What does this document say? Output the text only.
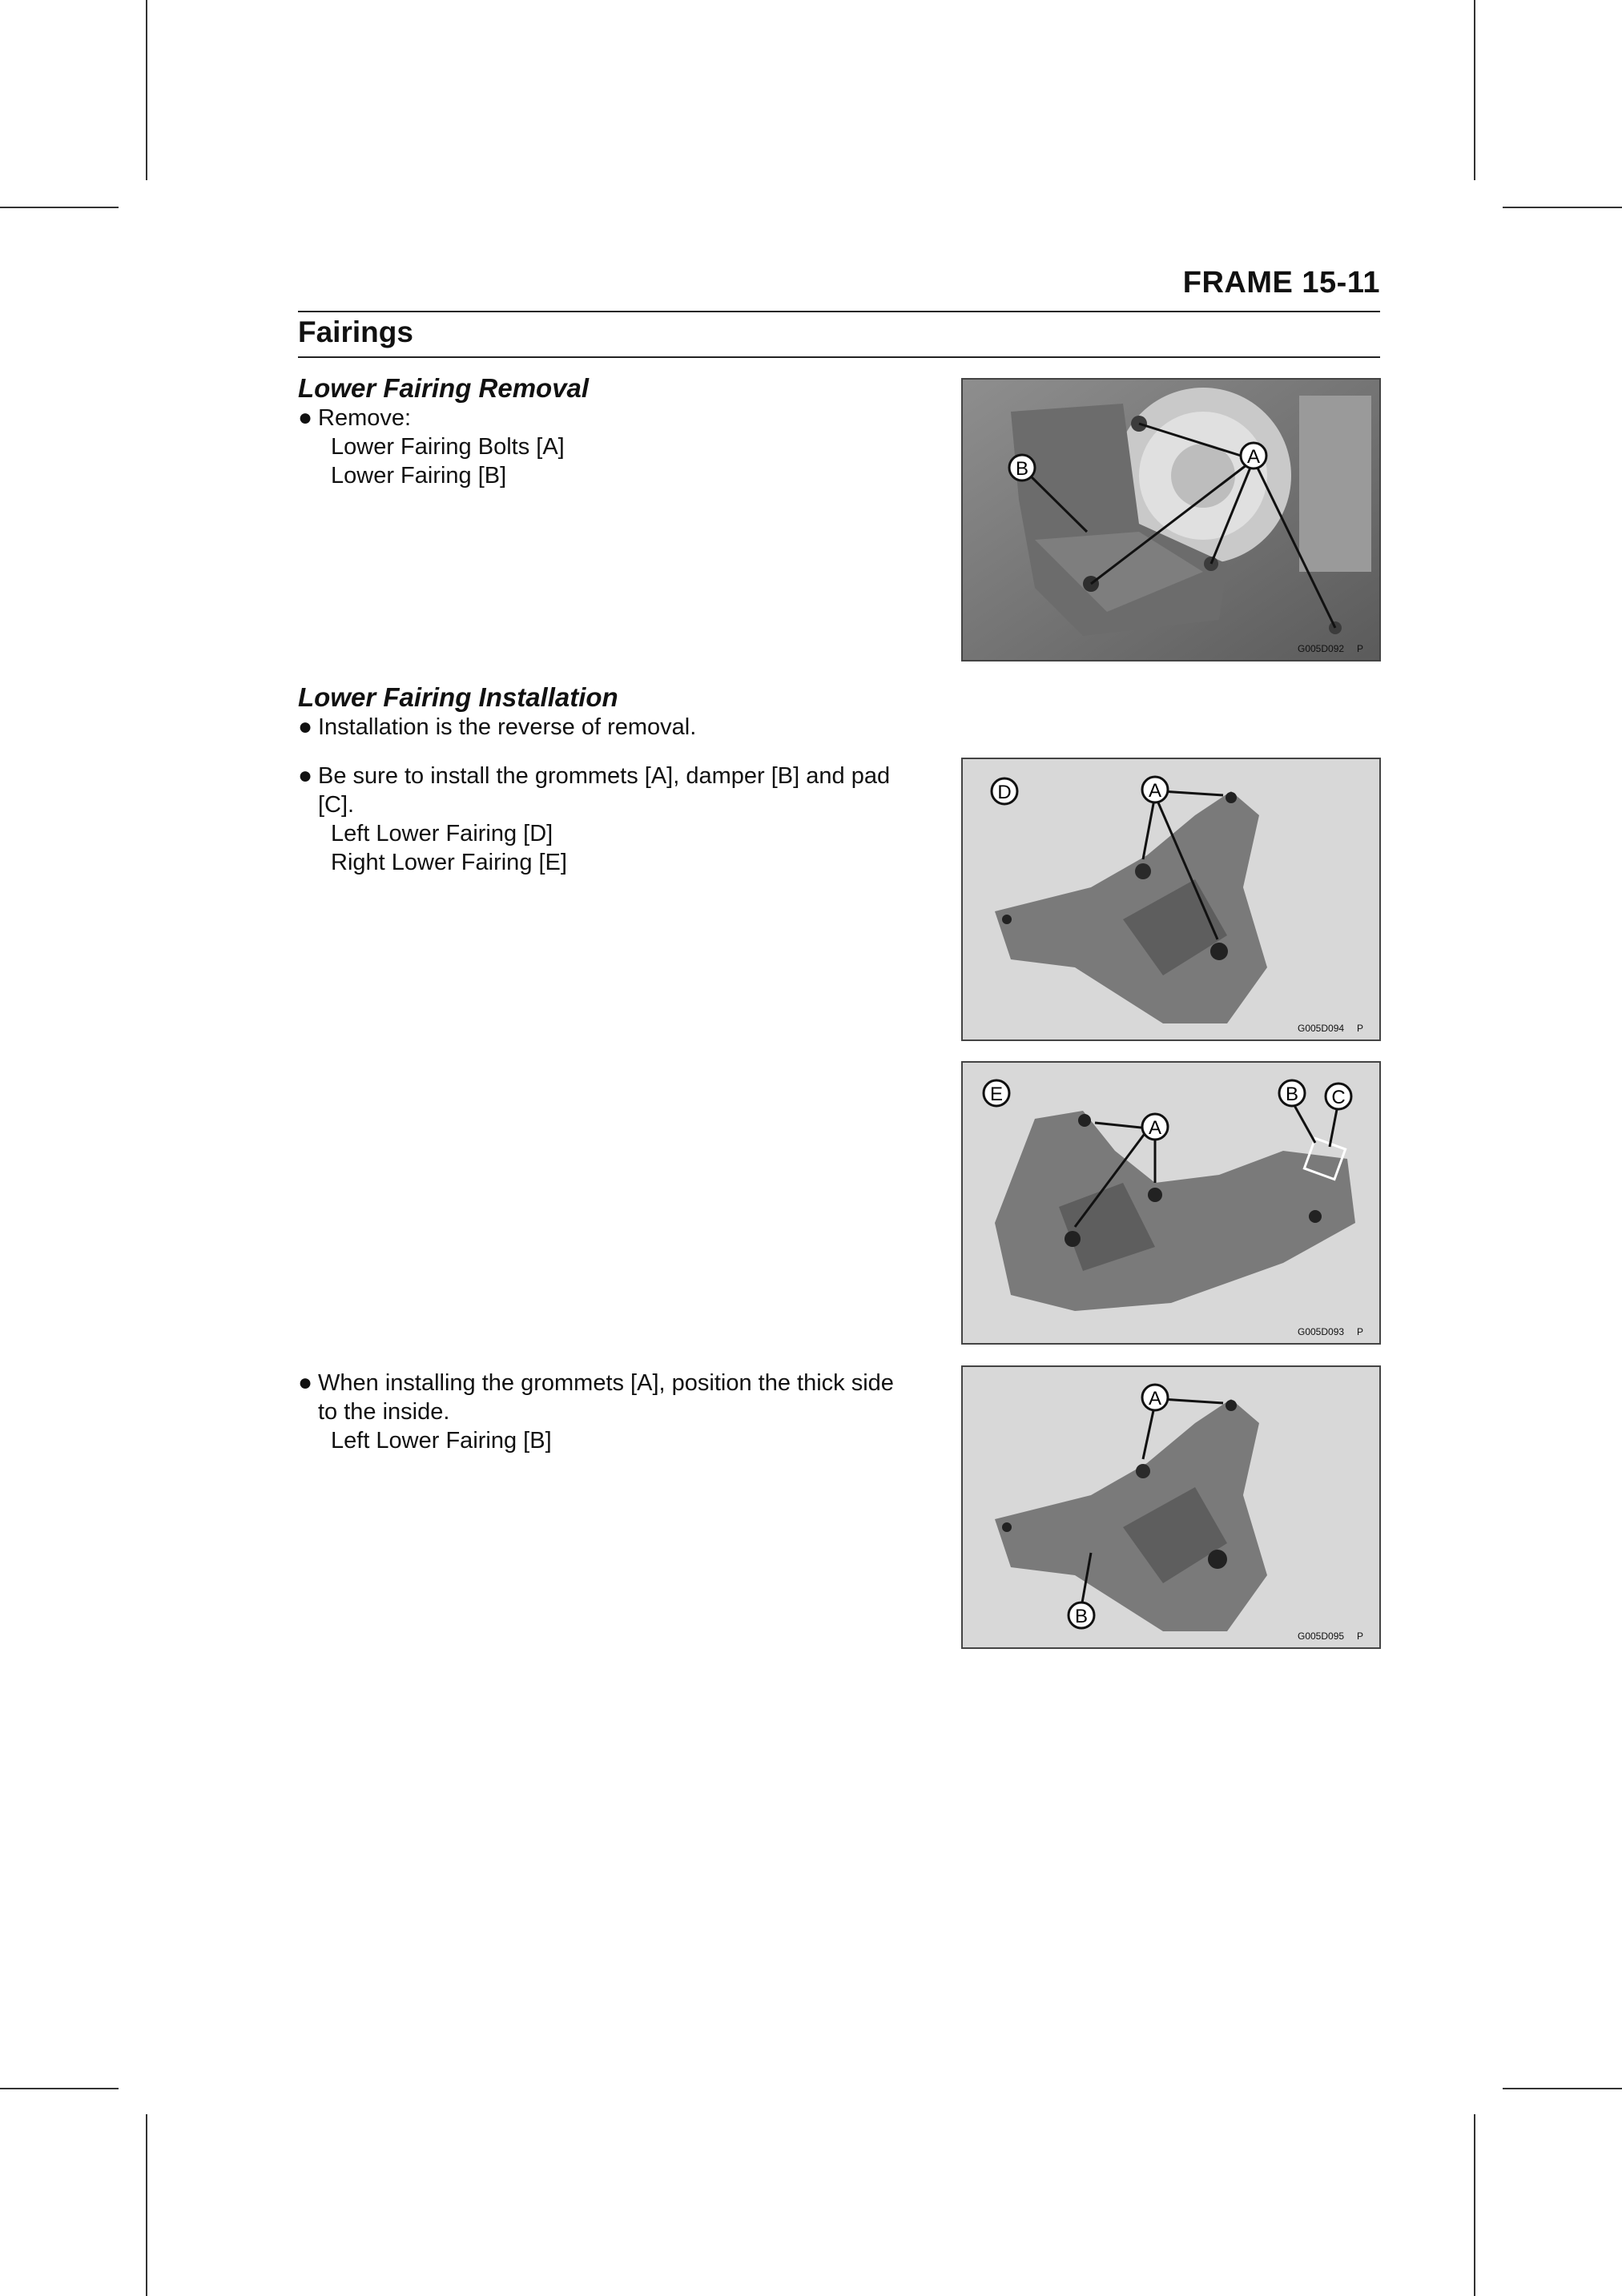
FRAME 15-11
Fairings
Lower Fairing Removal
● Remove:
Lower Fairing Bolts [A]
Lower Fairing [B]
Lower Fairing Installation
● Installation is the reverse of removal.
● Be sure to install the grommets [A], damper [B] and pad
[C].
Left Lower Fairing [D]
Right Lower Fairing [E]
● When installing the grommets [A], position the thick side
to the inside.
Left Lower Fairing [B]
A
B
G005D092 P
A
D
G005D094 P
A
B C
E
G005D093 P
A
B
G005D095 P
